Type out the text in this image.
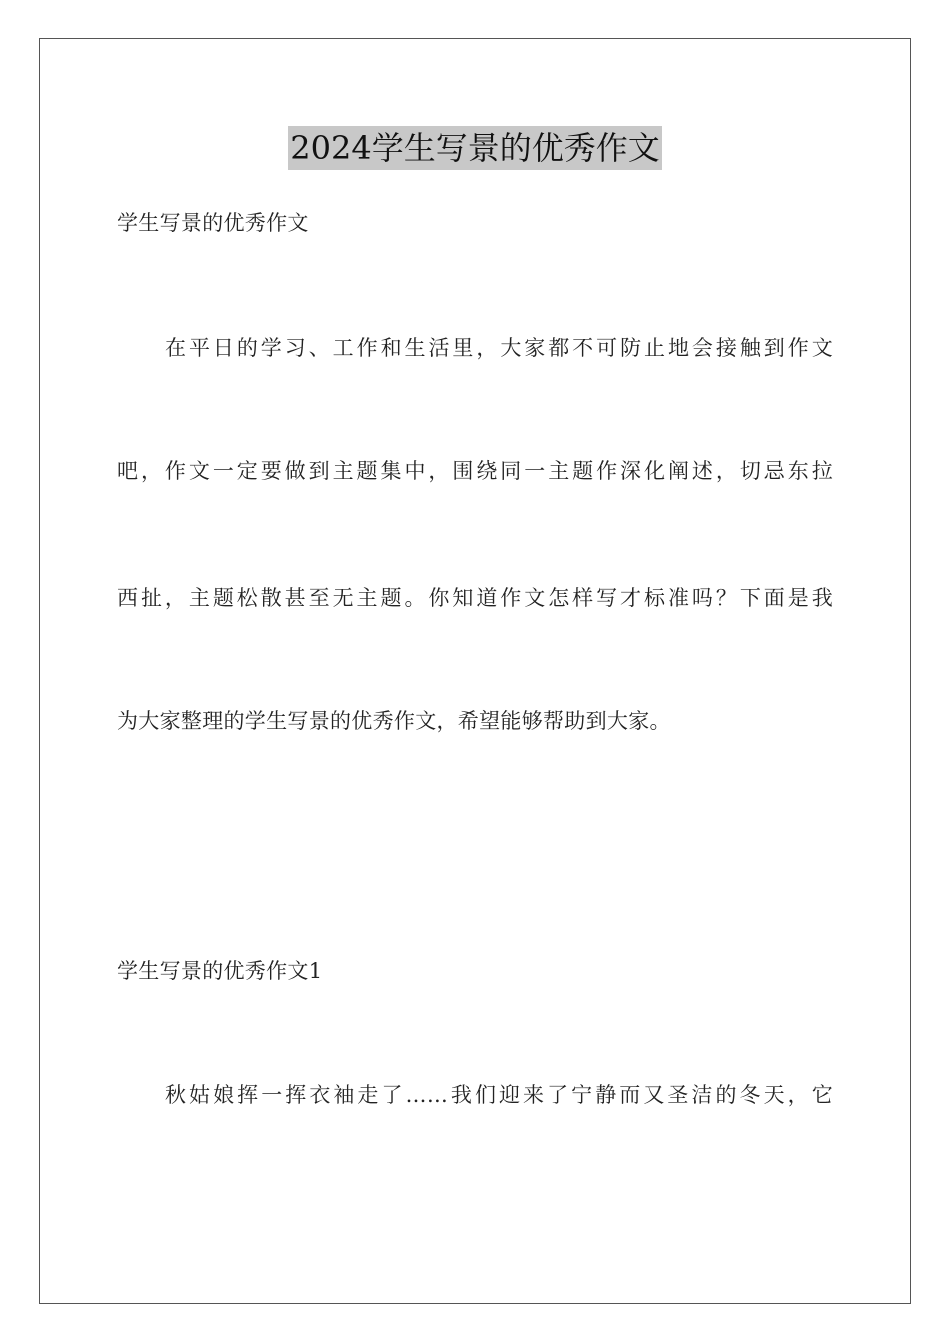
2024学生写景的优秀作文
学生写景的优秀作文
在平日的学习、工作和生活里，大家都不可防止地会接触到作文
吧，作文一定要做到主题集中，围绕同一主题作深化阐述，切忌东拉
西扯，主题松散甚至无主题。你知道作文怎样写才标准吗？下面是我
为大家整理的学生写景的优秀作文，希望能够帮助到大家。
学生写景的优秀作文1
秋姑娘挥一挥衣袖走了……我们迎来了宁静而又圣洁的冬天，它
